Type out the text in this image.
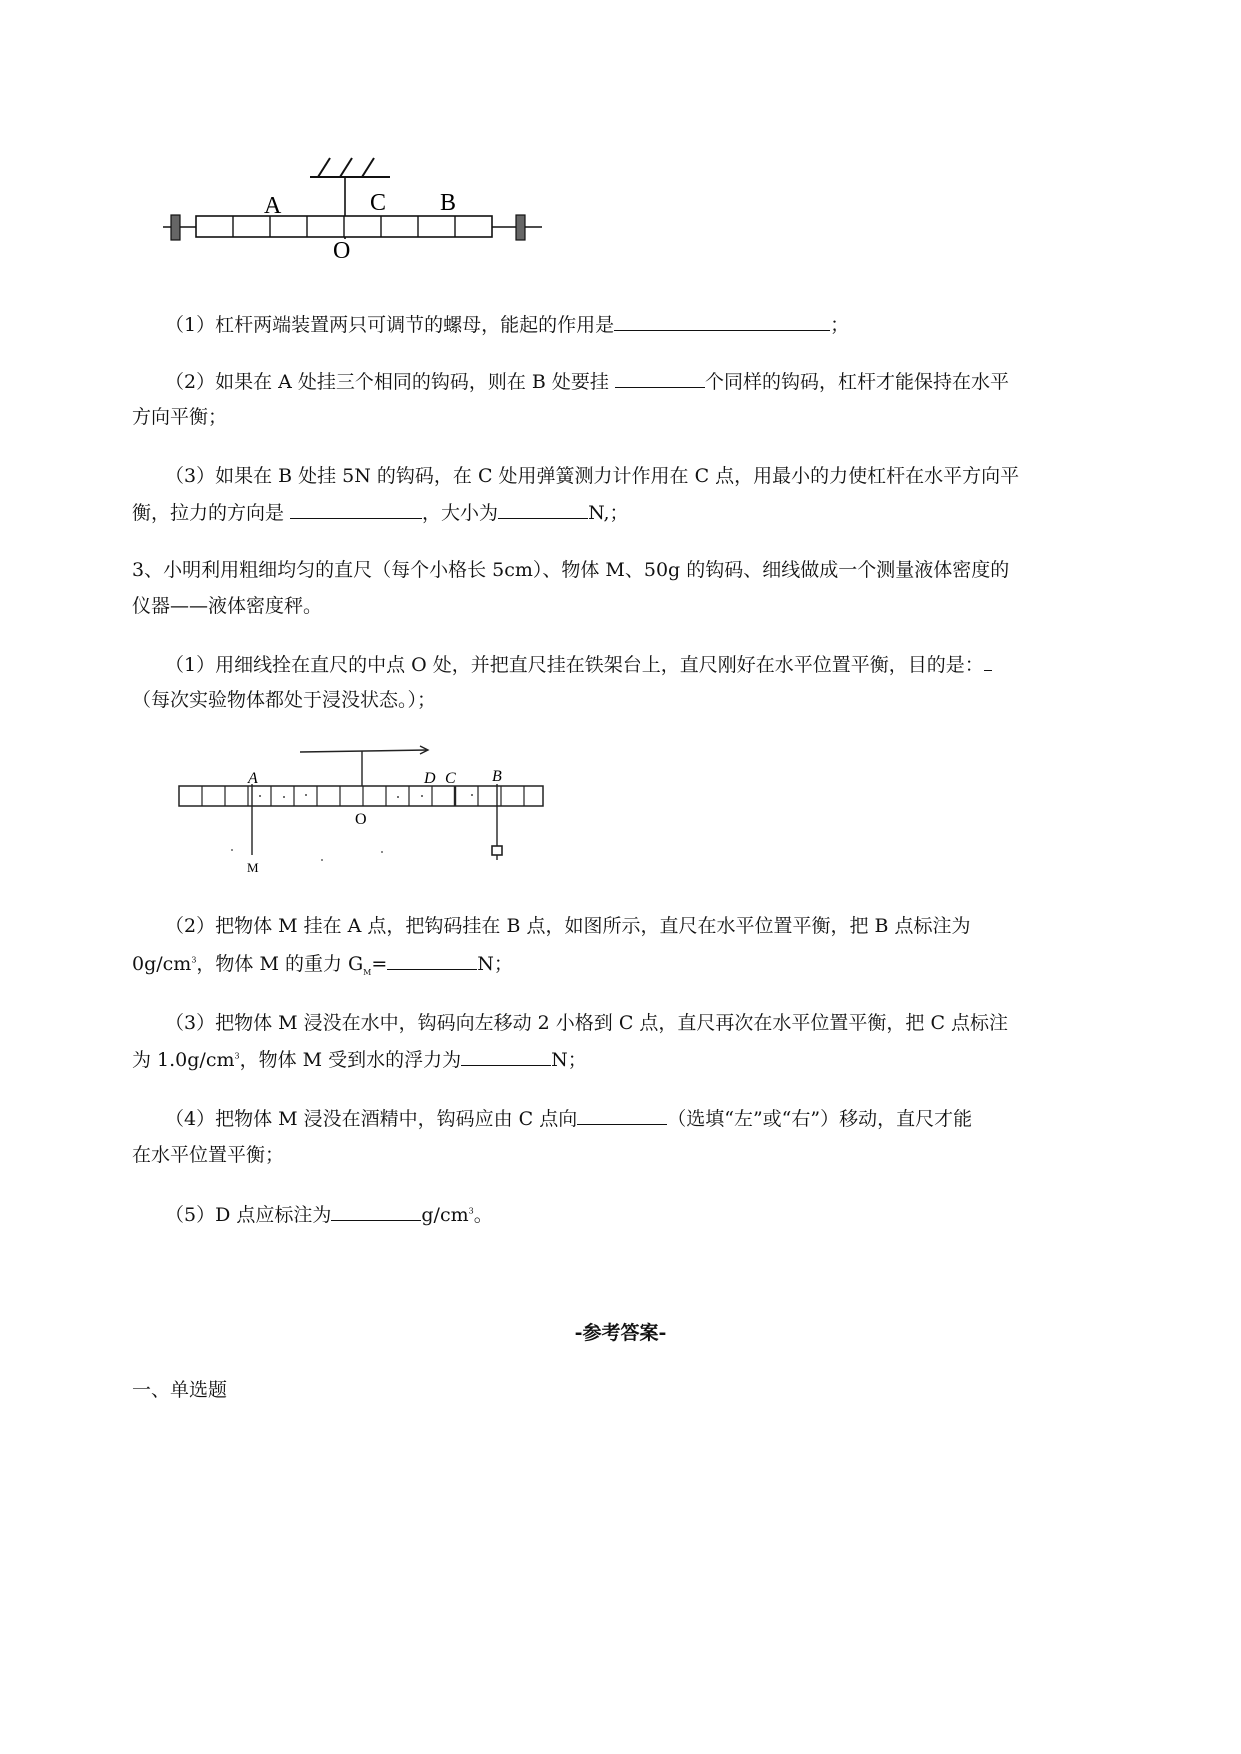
A	C B
O
（1）杠杆两端装置两只可调节的螺母，能起的作用是	；
（2）如果在 A 处挂三个相同的钩码，则在 B 处要挂	个同样的钩码，杠杆才能保持在水平
方向平衡；
（3）如果在 B 处挂 5N 的钩码，在 C 处用弹簧测力计作用在 C 点，用最小的力使杠杆在水平方向平
衡，拉力的方向是	，大小为	N,；
3、小明利用粗细均匀的直尺（每个小格长 5cm）、物体 M、50g 的钩码、细线做成一个测量液体密度的
仪器——液体密度秤。
（1）用细线拴在直尺的中点 O 处，并把直尺挂在铁架台上，直尺刚好在水平位置平衡，目的是：
（每次实验物体都处于浸没状态。）；
A	D C B
O
M
（2）把物体 M 挂在 A 点，把钩码挂在 B 点，如图所示，直尺在水平位置平衡，把 B 点标注为
$0g/cm^3$，物体 M 的重力 $G_M=$	N；
（3）把物体 M 浸没在水中，钩码向左移动 2 小格到 C 点，直尺再次在水平位置平衡，把 C 点标注
为 $1.0g/cm^3$，物体 M 受到水的浮力为	N；
（4）把物体 M 浸没在酒精中，钩码应由 C 点向	（选填“左”或“右”）移动，直尺才能
在水平位置平衡；
（5）D 点应标注为	$g/cm^3$。
-参考答案-
一、单选题
